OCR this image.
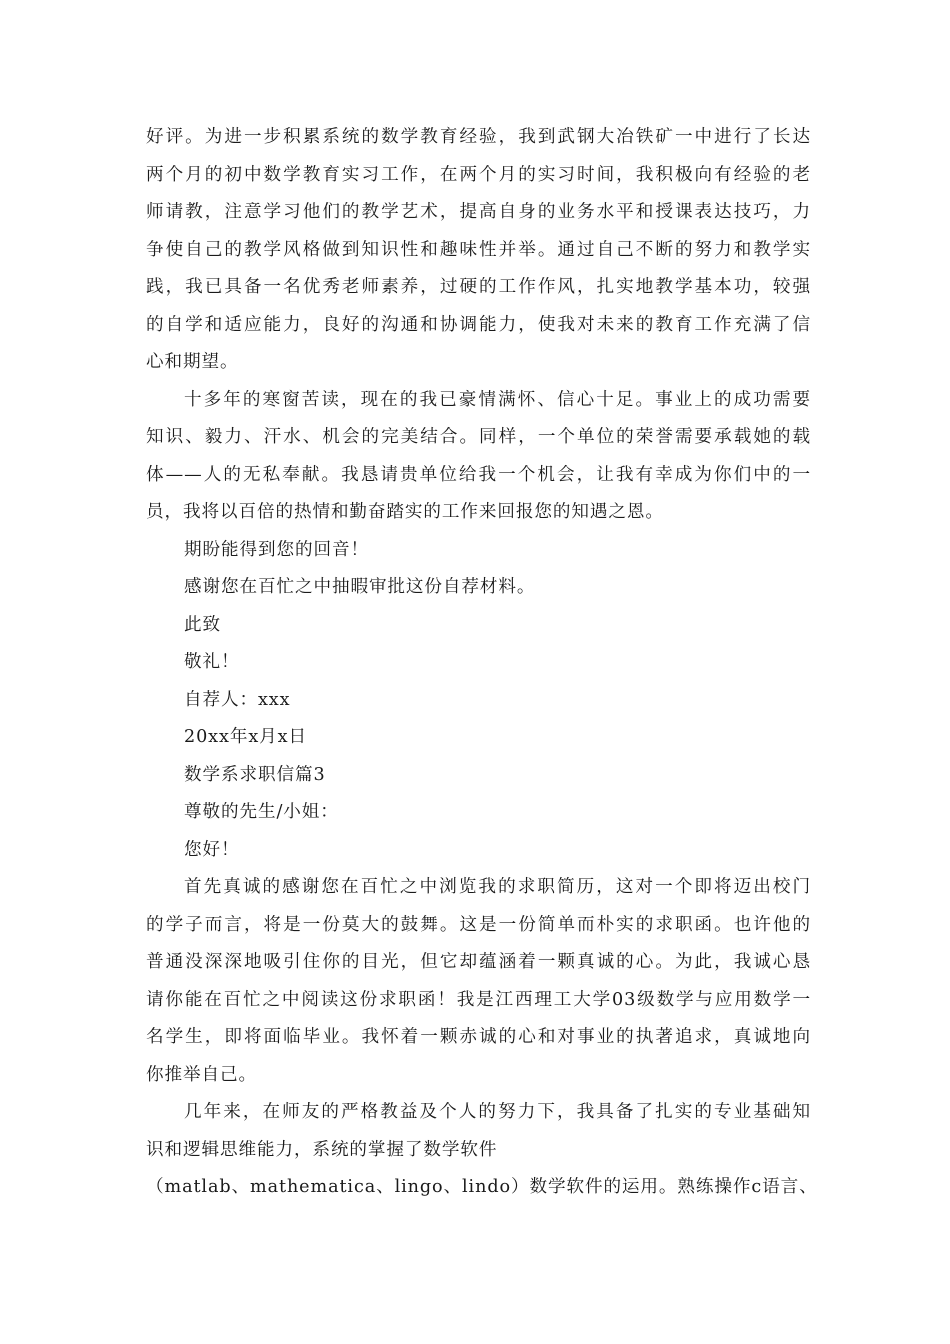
好评。为进一步积累系统的数学教育经验，我到武钢大冶铁矿一中进行了长达
两个月的初中数学教育实习工作，在两个月的实习时间，我积极向有经验的老
师请教，注意学习他们的教学艺术，提高自身的业务水平和授课表达技巧，力
争使自己的教学风格做到知识性和趣味性并举。通过自己不断的努力和教学实
践，我已具备一名优秀老师素养，过硬的工作作风，扎实地教学基本功，较强
的自学和适应能力，良好的沟通和协调能力，使我对未来的教育工作充满了信
心和期望。
十多年的寒窗苦读，现在的我已豪情满怀、信心十足。事业上的成功需要
知识、毅力、汗水、机会的完美结合。同样，一个单位的荣誉需要承载她的载
体——人的无私奉献。我恳请贵单位给我一个机会，让我有幸成为你们中的一
员，我将以百倍的热情和勤奋踏实的工作来回报您的知遇之恩。
期盼能得到您的回音！
感谢您在百忙之中抽暇审批这份自荐材料。
此致
敬礼！
自荐人：xxx
20xx年x月x日
数学系求职信篇3
尊敬的先生/小姐：
您好！
首先真诚的感谢您在百忙之中浏览我的求职简历，这对一个即将迈出校门
的学子而言，将是一份莫大的鼓舞。这是一份简单而朴实的求职函。也许他的
普通没深深地吸引住你的目光，但它却蕴涵着一颗真诚的心。为此，我诚心恳
请你能在百忙之中阅读这份求职函！我是江西理工大学03级数学与应用数学一
名学生，即将面临毕业。我怀着一颗赤诚的心和对事业的执著追求，真诚地向
你推举自己。
几年来，在师友的严格教益及个人的努力下，我具备了扎实的专业基础知
识和逻辑思维能力，系统的掌握了数学软件
（matlab、mathematica、lingo、lindo）数学软件的运用。熟练操作c语言、
